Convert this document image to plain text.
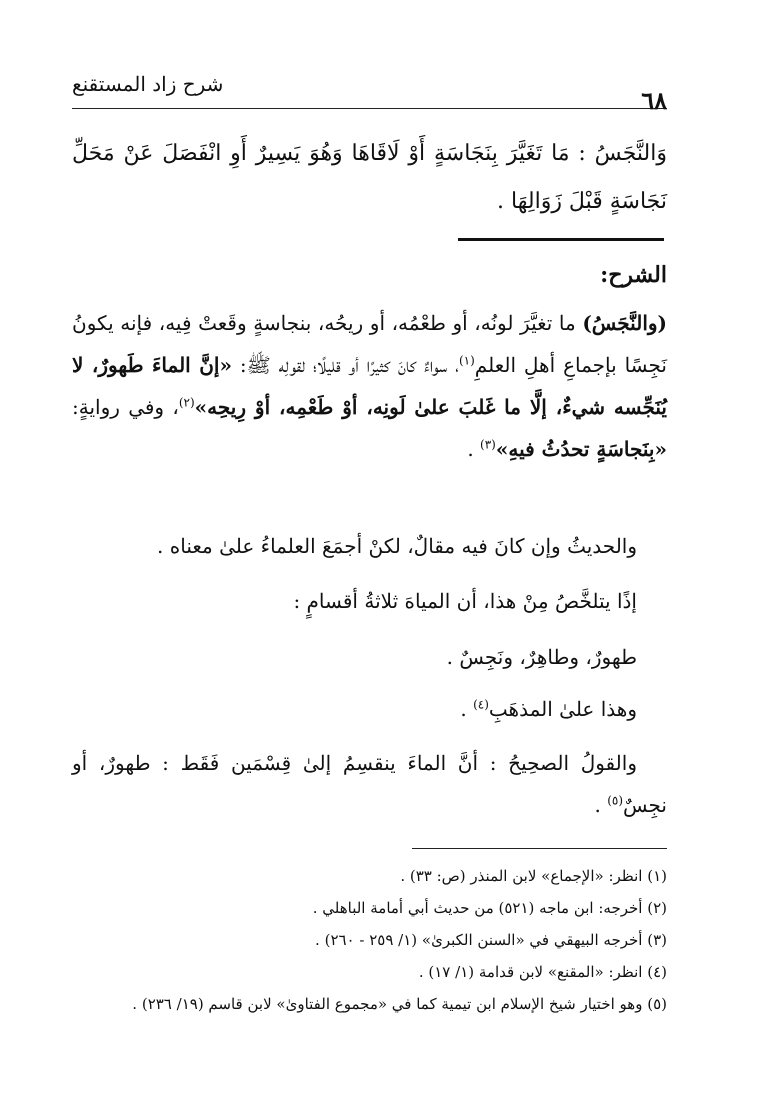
٦٨
شرح زاد المستقنع
وَالنَّجَسُ : مَا تَغَيَّرَ بِنَجَاسَةٍ أَوْ لَاقَاهَا وَهُوَ يَسِيرٌ أَوِ انْفَصَلَ عَنْ مَحَلِّ نَجَاسَةٍ قَبْلَ زَوَالِهَا .
الشرح:
(والنَّجَسُ) ما تغيَّرَ لونُه، أو طعْمُه، أو ريحُه، بنجاسةٍ وقَعتْ فِيه، فإنه يكونُ نَجِسًا بإجماعِ أهلِ العلمِ$^{(١)}$، سواءٌ كانَ كثيرًا أو قليلًا؛ لقولِه ﷺ: «إنَّ الماءَ طَهورٌ، لا يُنَجِّسه شيءٌ، إلَّا ما غَلبَ علىٰ لَونِه، أوْ طَعْمِه، أوْ رِيحِه»$^{(٢)}$، وفي روايةٍ: «بِنَجاسَةٍ تحدُثُ فيهِ»$^{(٣)}$ .
والحديثُ وإن كانَ فيه مقالٌ، لكنْ أجمَعَ العلماءُ علىٰ معناه .
إذًا يتلخَّصُ مِنْ هذا، أن المياهَ ثلاثةُ أقسامٍ :
طهورٌ، وطاهِرٌ، ونَجِسٌ .
وهذا علىٰ المذهَبِ$^{(٤)}$ .
والقولُ الصحِيحُ : أنَّ الماءَ ينقسِمُ إلىٰ قِسْمَين فَقَط : طهورٌ، أو نجِسٌ$^{(٥)}$ .
(١) انظر: «الإجماع» لابن المنذر (ص: ٣٣) .
(٢) أخرجه: ابن ماجه (٥٢١) من حديث أبي أمامة الباهلي .
(٣) أخرجه البيهقي في «السنن الكبرىٰ» (١/ ٢٥٩ - ٢٦٠) .
(٤) انظر: «المقنع» لابن قدامة (١/ ١٧) .
(٥) وهو اختيار شيخ الإسلام ابن تيمية كما في «مجموع الفتاوىٰ» لابن قاسم (١٩/ ٢٣٦) .
